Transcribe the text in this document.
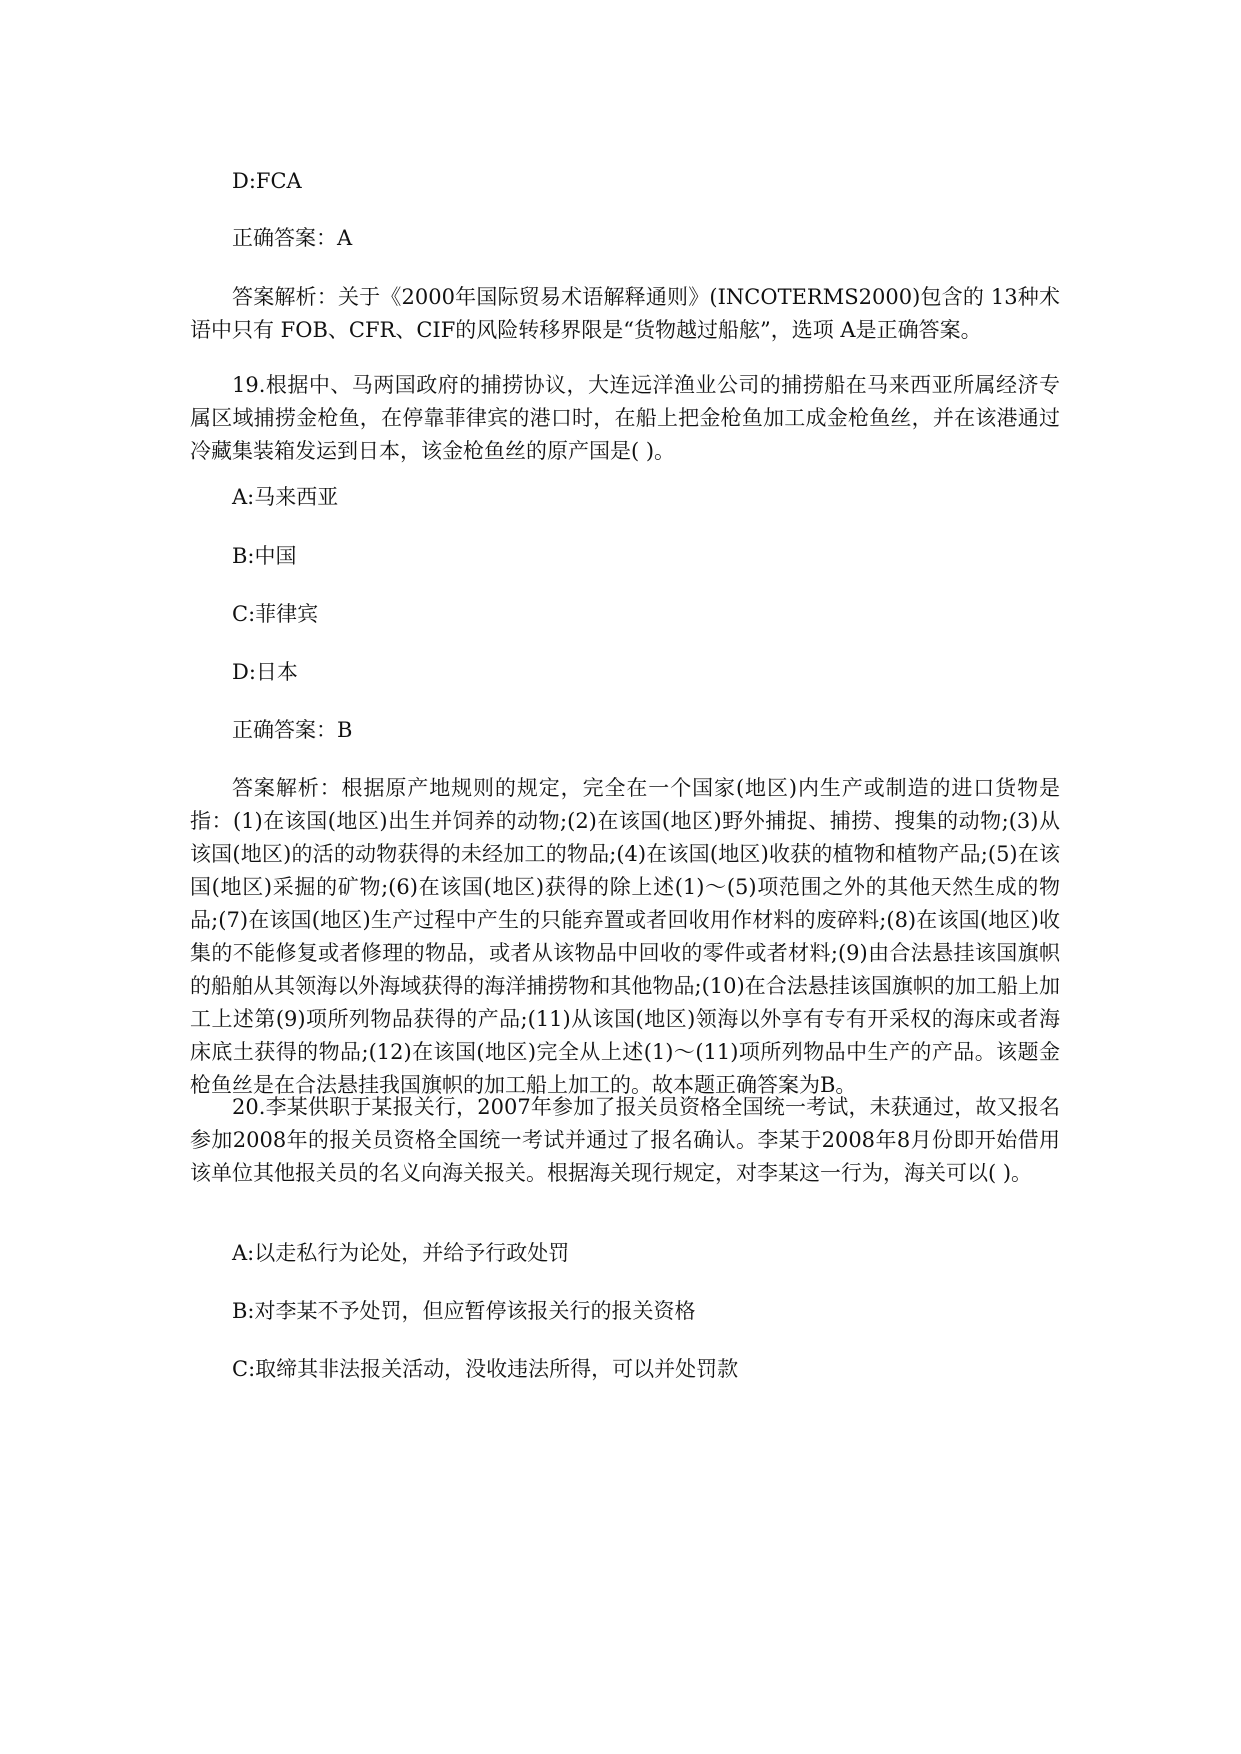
D:FCA

正确答案：A

答案解析：关于《2000年国际贸易术语解释通则》(INCOTERMS2000)包含的 13种术语中只有 FOB、CFR、CIF的风险转移界限是“货物越过船舷”，选项 A是正确答案。

19.根据中、马两国政府的捕捞协议，大连远洋渔业公司的捕捞船在马来西亚所属经济专属区域捕捞金枪鱼，在停靠菲律宾的港口时，在船上把金枪鱼加工成金枪鱼丝，并在该港通过冷藏集装箱发运到日本，该金枪鱼丝的原产国是( )。

A:马来西亚

B:中国

C:菲律宾

D:日本

正确答案：B

答案解析：根据原产地规则的规定，完全在一个国家(地区)内生产或制造的进口货物是指：(1)在该国(地区)出生并饲养的动物;(2)在该国(地区)野外捕捉、捕捞、搜集的动物;(3)从该国(地区)的活的动物获得的未经加工的物品;(4)在该国(地区)收获的植物和植物产品;(5)在该国(地区)采掘的矿物;(6)在该国(地区)获得的除上述(1)～(5)项范围之外的其他天然生成的物品;(7)在该国(地区)生产过程中产生的只能弃置或者回收用作材料的废碎料;(8)在该国(地区)收集的不能修复或者修理的物品，或者从该物品中回收的零件或者材料;(9)由合法悬挂该国旗帜的船舶从其领海以外海域获得的海洋捕捞物和其他物品;(10)在合法悬挂该国旗帜的加工船上加工上述第(9)项所列物品获得的产品;(11)从该国(地区)领海以外享有专有开采权的海床或者海床底土获得的物品;(12)在该国(地区)完全从上述(1)～(11)项所列物品中生产的产品。该题金枪鱼丝是在合法悬挂我国旗帜的加工船上加工的。故本题正确答案为B。

20.李某供职于某报关行，2007年参加了报关员资格全国统一考试，未获通过，故又报名参加2008年的报关员资格全国统一考试并通过了报名确认。李某于2008年8月份即开始借用该单位其他报关员的名义向海关报关。根据海关现行规定，对李某这一行为，海关可以( )。

A:以走私行为论处，并给予行政处罚

B:对李某不予处罚，但应暂停该报关行的报关资格

C:取缔其非法报关活动，没收违法所得，可以并处罚款
